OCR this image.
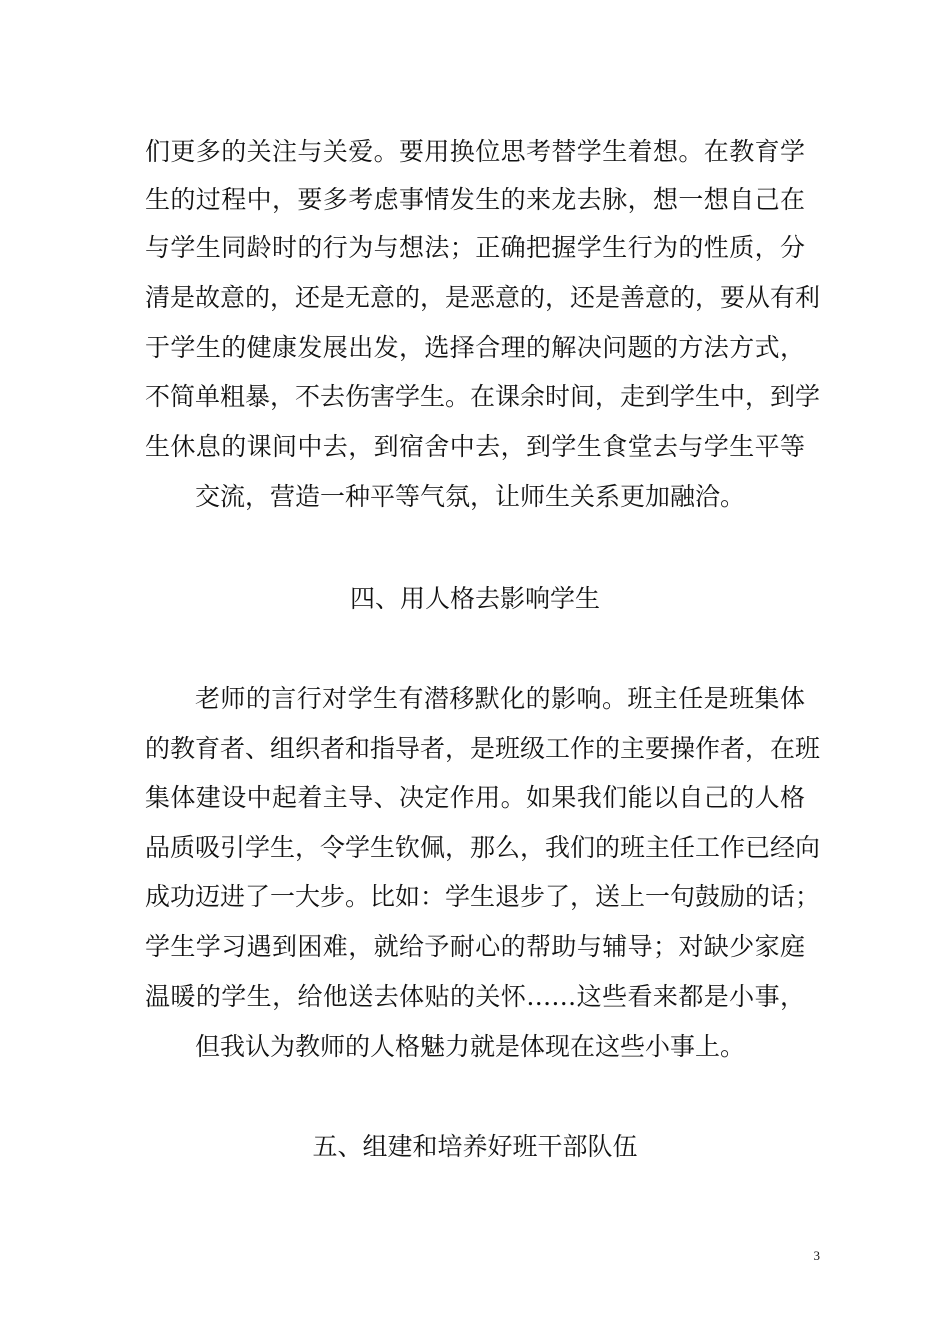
们更多的关注与关爱。要用换位思考替学生着想。在教育学
生的过程中，要多考虑事情发生的来龙去脉，想一想自己在
与学生同龄时的行为与想法；正确把握学生行为的性质，分
清是故意的，还是无意的，是恶意的，还是善意的，要从有利
于学生的健康发展出发，选择合理的解决问题的方法方式，
不简单粗暴，不去伤害学生。在课余时间，走到学生中，到学
生休息的课间中去，到宿舍中去，到学生食堂去与学生平等
交流，营造一种平等气氛，让师生关系更加融洽。
四、用人格去影响学生
老师的言行对学生有潜移默化的影响。班主任是班集体
的教育者、组织者和指导者，是班级工作的主要操作者，在班
集体建设中起着主导、决定作用。如果我们能以自己的人格
品质吸引学生，令学生钦佩，那么，我们的班主任工作已经向
成功迈进了一大步。比如：学生退步了，送上一句鼓励的话；
学生学习遇到困难，就给予耐心的帮助与辅导；对缺少家庭
温暖的学生，给他送去体贴的关怀……这些看来都是小事，
但我认为教师的人格魅力就是体现在这些小事上。
五、组建和培养好班干部队伍
3
